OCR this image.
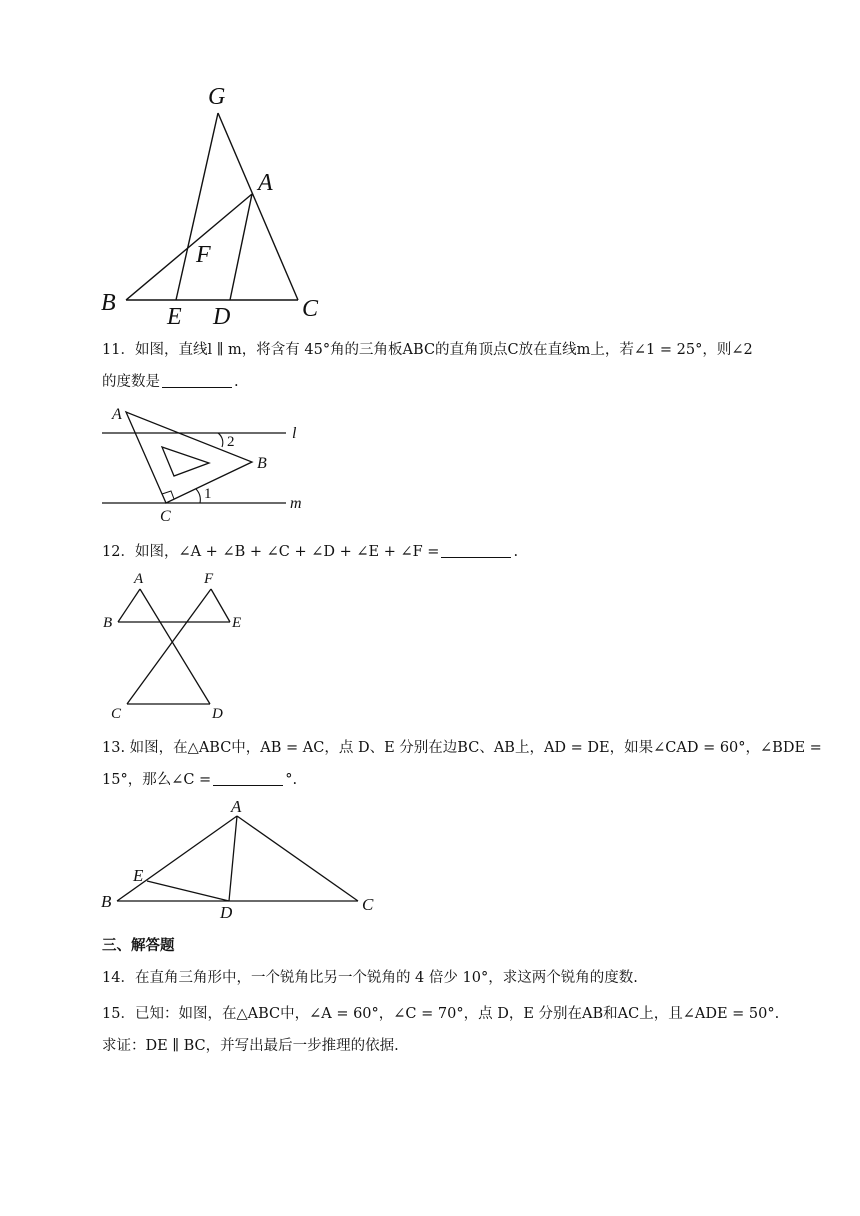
G
A
F
B
E D	C
11．如图，直线l ∥ m，将含有 45°角的三角板ABC的直角顶点C放在直线m上，若∠1 = 25°，则∠2
的度数是	.
A
B
C
l
m
2
1
12．如图，∠A + ∠B + ∠C + ∠D + ∠E + ∠F =	.
A	F
B	E
C	D
13. 如图，在△ABC中，AB = AC，点 D、E 分别在边BC、AB上，AD = DE，如果∠CAD = 60°，∠BDE =
15°，那么∠C =	°.
A
E
B
D	C
三、解答题
14．在直角三角形中，一个锐角比另一个锐角的 4 倍少 10°，求这两个锐角的度数.
15．已知：如图，在△ABC中，∠A = 60°，∠C = 70°，点 D，E 分别在AB和AC上，且∠ADE = 50°.
求证：DE ∥ BC，并写出最后一步推理的依据.
